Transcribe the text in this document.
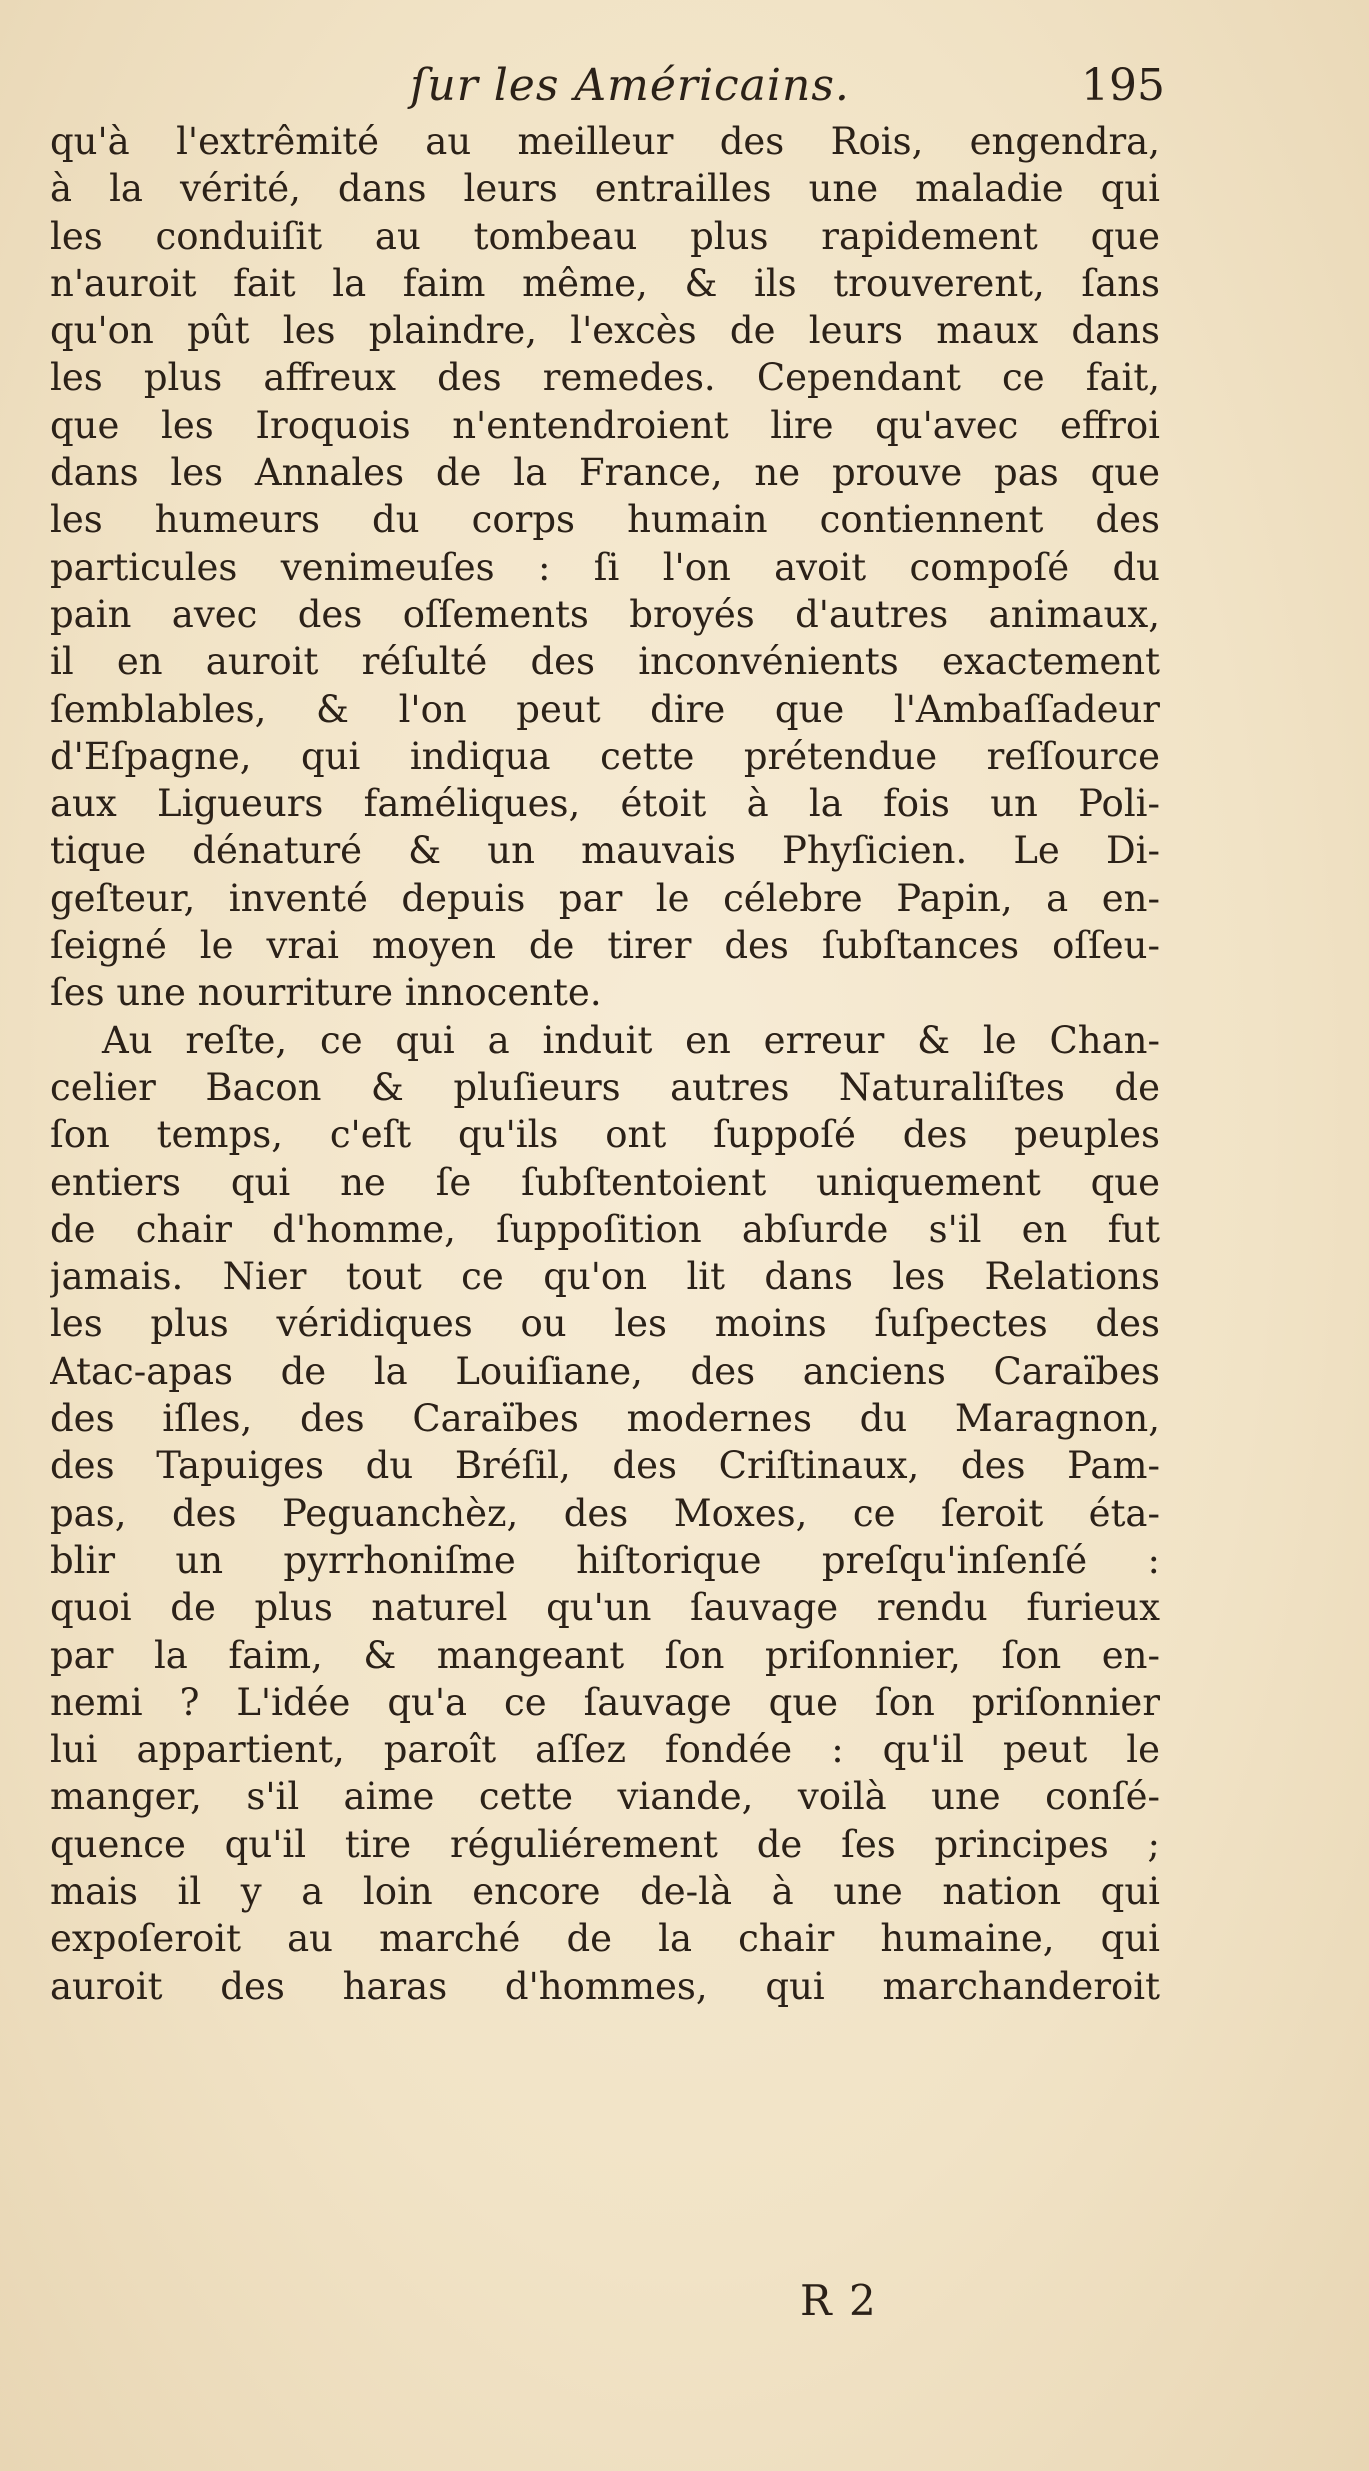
ſur les Américains.	195
qu'à l'extrêmité au meilleur des Rois, engendra,
à la vérité, dans leurs entrailles une maladie qui
les conduiſit au tombeau plus rapidement que
n'auroit fait la faim même, & ils trouverent, ſans
qu'on pût les plaindre, l'excès de leurs maux dans
les plus affreux des remedes. Cependant ce fait,
que les Iroquois n'entendroient lire qu'avec effroi
dans les Annales de la France, ne prouve pas que
les humeurs du corps humain contiennent des
particules venimeuſes : ſi l'on avoit compoſé du
pain avec des oſſements broyés d'autres animaux,
il en auroit réſulté des inconvénients exactement
ſemblables, & l'on peut dire que l'Ambaſſadeur
d'Eſpagne, qui indiqua cette prétendue reſſource
aux Ligueurs faméliques, étoit à la fois un Poli-
tique dénaturé & un mauvais Phyſicien. Le Di-
geſteur, inventé depuis par le célebre Papin, a en-
ſeigné le vrai moyen de tirer des ſubſtances oſſeu-
ſes une nourriture innocente.
Au reſte, ce qui a induit en erreur & le Chan-
celier Bacon & pluſieurs autres Naturaliſtes de
ſon temps, c'eſt qu'ils ont ſuppoſé des peuples
entiers qui ne ſe ſubſtentoient uniquement que
de chair d'homme, ſuppoſition abſurde s'il en fut
jamais. Nier tout ce qu'on lit dans les Relations
les plus véridiques ou les moins ſuſpectes des
Atac-apas de la Louiſiane, des anciens Caraïbes
des iſles, des Caraïbes modernes du Maragnon,
des Tapuiges du Bréſil, des Criſtinaux, des Pam-
pas, des Peguanchèz, des Moxes, ce ſeroit éta-
blir un pyrrhoniſme hiſtorique preſqu'inſenſé :
quoi de plus naturel qu'un ſauvage rendu furieux
par la faim, & mangeant ſon priſonnier, ſon en-
nemi ? L'idée qu'a ce ſauvage que ſon priſonnier
lui appartient, paroît aſſez fondée : qu'il peut le
manger, s'il aime cette viande, voilà une conſé-
quence qu'il tire réguliérement de ſes principes ;
mais il y a loin encore de-là à une nation qui
expoſeroit au marché de la chair humaine, qui
auroit des haras d'hommes, qui marchanderoit
R 2
